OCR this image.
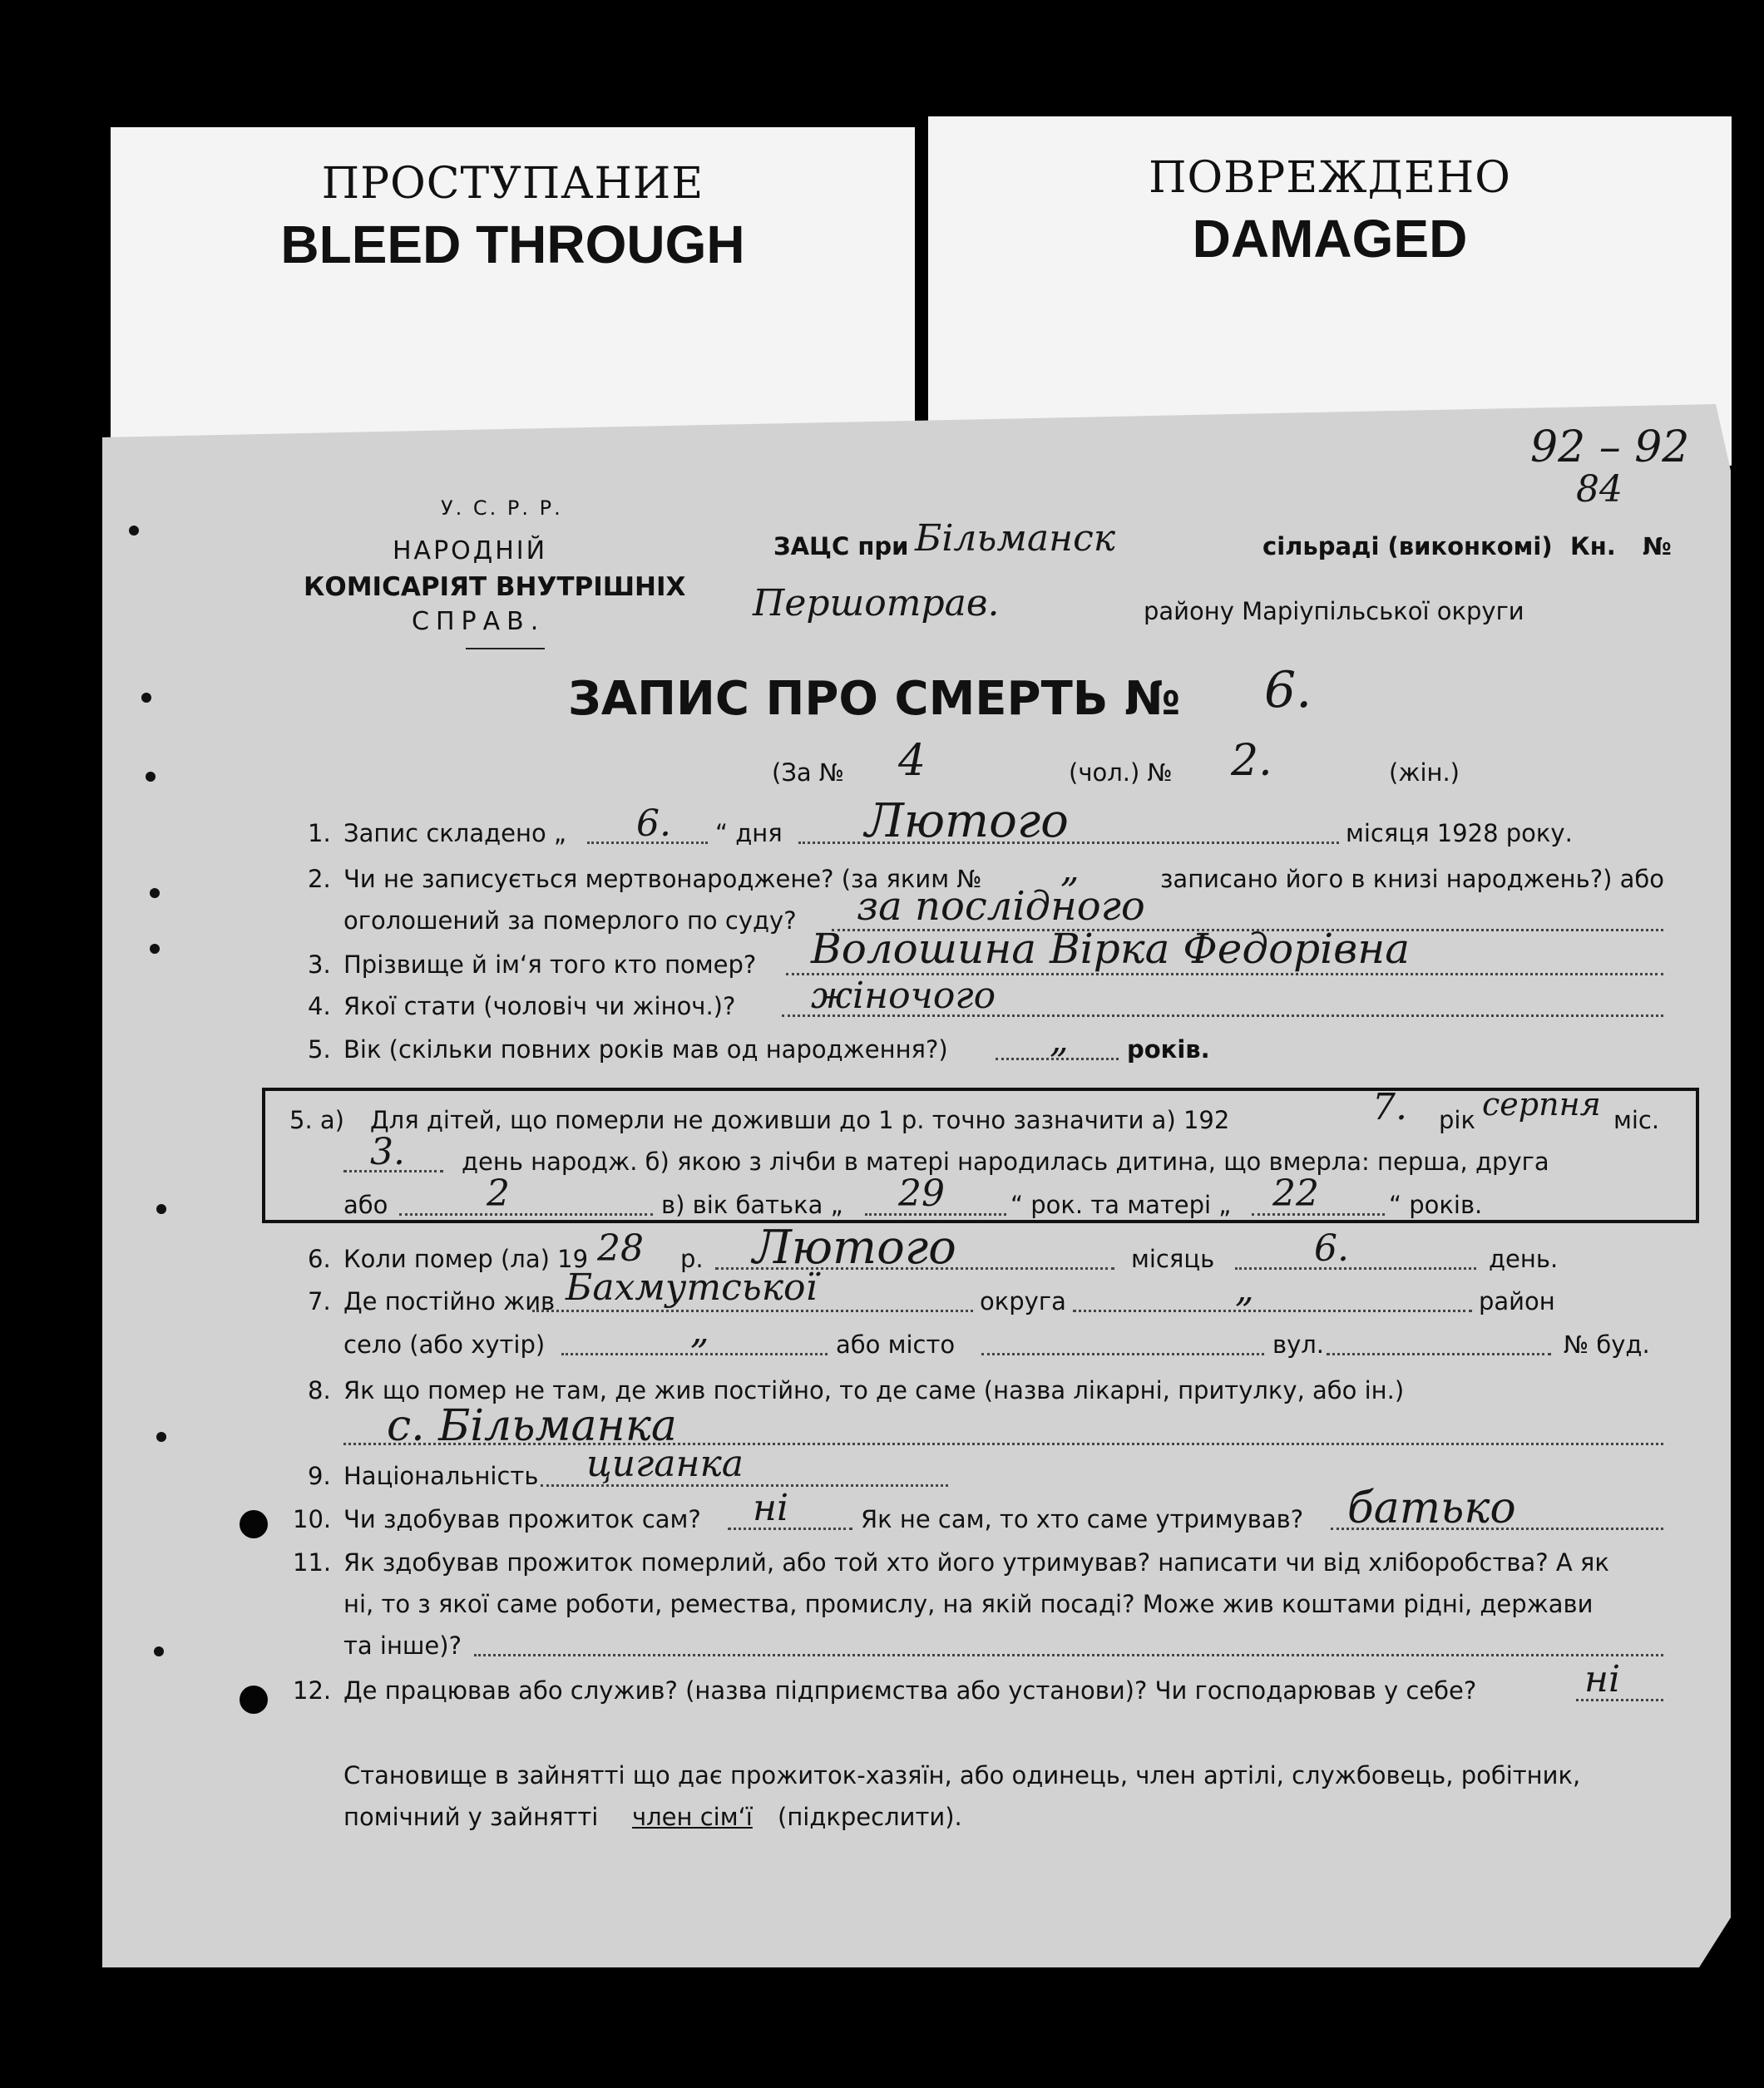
ПРОСТУПАНИЕ
BLEED THROUGH
ПОВРЕЖДЕНО
DAMAGED
92 – 92
84
У. С. Р. Р.
НАРОДНІЙ
КОМІСАРІЯТ ВНУТРІШНІХ
СПРАВ.
ЗАЦС при Більманск	сільраді (виконкомі) Кн. №
Першотрав.	району Маріупільської округи
ЗАПИС ПРО СМЕРТЬ № 6.
(За № 4	(чол.) № 2.	(жін.)
1. Запис складено „ 6. “ дня Лютого	місяця 1928 року.
2. Чи не записується мертвонароджене? (за яким № „	записано його в книзі народжень?) або
оголошений за померлого по суду? за послідного
3. Прізвище й ім‘я того кто помер? Волошина Вірка Федорівна
4. Якої стати (чоловіч чи жіноч.)? жіночого
5. Вік (скільки повних років мав од народження?)	„ років.
5. а) Для дітей, що померли не доживши до 1 р. точно зазначити а) 192	7. рік серпня міс.
3. день народж. б) якою з лічби в матері народилась дитина, що вмерла: перша, друга
або	2	в) вік батька „ 29	“ рок. та матері „ 22	“ років.
6. Коли помер (ла) 19 28 р. Лютого	місяць	6.	день.
7. Де постійно жив Бахмутської	округа	„	район
село (або хутір)	„	або місто	вул.	№ буд.
8. Як що помер не там, де жив постійно, то де саме (назва лікарні, притулку, або ін.)
с. Більманка
9. Національність циганка
10. Чи здобував прожиток сам? ні	Як не сам, то хто саме утримував? батько
11. Як здобував прожиток померлий, або той хто його утримував? написати чи від хліборобства? А як
ні, то з якої саме роботи, ремества, промислу, на якій посаді? Може жив коштами рідні, держави
та інше)?
12. Де працював або служив? (назва підприємства або установи)? Чи господарював у себе?	ні
Становище в зайнятті що дає прожиток-хазяїн, або одинець, член артілі, службовець, робітник,
помічний у зайнятті член сім‘ї (підкреслити).
